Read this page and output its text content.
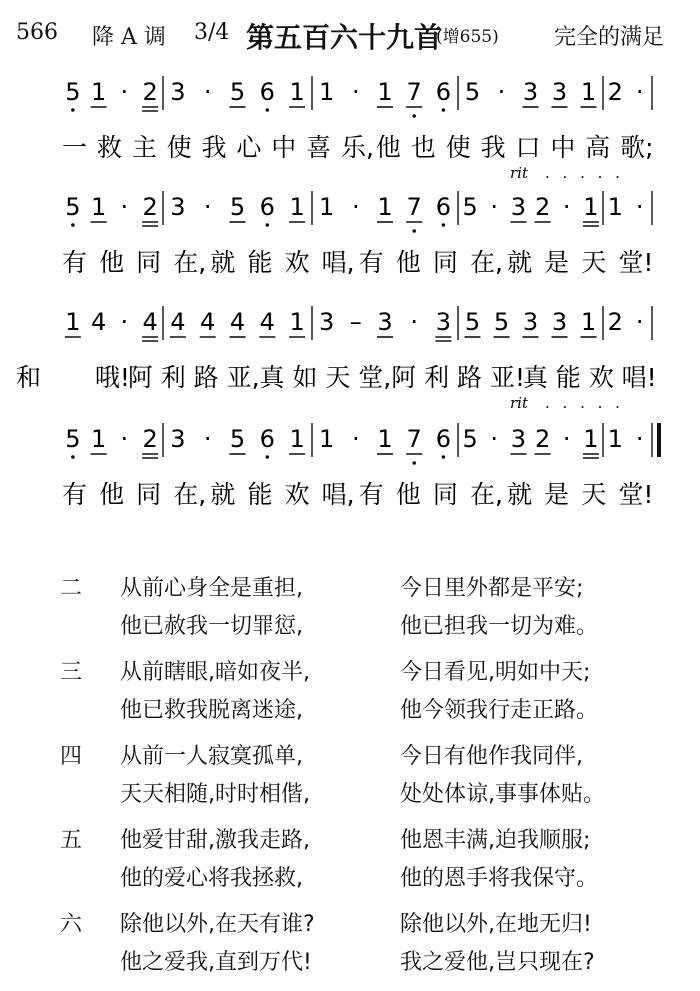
566 降 A 调 3/4 第五百六十九首
(增655)	完全的满足
5 1 · 2 3 · 5 6 1 1 · 1 7 6 5 · 3 3 1 2 ·
一 救 主 使 我 心 中 喜 乐, 他 也 使 我 口 中 高 歌;
rit . . . . .
5 1 · 2 3 · 5 6 1 1 · 1 7 6 5 · 3 2 · 1 1 ·
有 他 同 在, 就 能 欢 唱, 有 他 同 在, 就 是 天 堂!
1 4 · 4 4 4 4 4 1 3 – 3 · 3 5 5 3 3 1 2 ·
和 哦!
阿 利 路 亚, 真 如 天 堂, 阿 利 路 亚!
真 能 欢 唱!
rit . . . . .
5 1 · 2 3 · 5 6 1 1 · 1 7 6 5 · 3 2 · 1 1 ·
有 他 同 在, 就 能 欢 唱, 有 他 同 在, 就 是 天 堂!
二 从前心身全是重担,	今日里外都是平安;
他已赦我一切罪愆,	他已担我一切为难。
三 从前瞎眼,暗如夜半,	今日看见,明如中天;
他已救我脱离迷途,	他今领我行走正路。
四 从前一人寂寞孤单,	今日有他作我同伴,
天天相随,时时相偕,	处处体谅,事事体贴。
五 他爱甘甜,激我走路,	他恩丰满,迫我顺服;
他的爱心将我拯救,	他的恩手将我保守。
六 除他以外,在天有谁?	除他以外,在地无归!
他之爱我,直到万代!	我之爱他,岂只现在?
